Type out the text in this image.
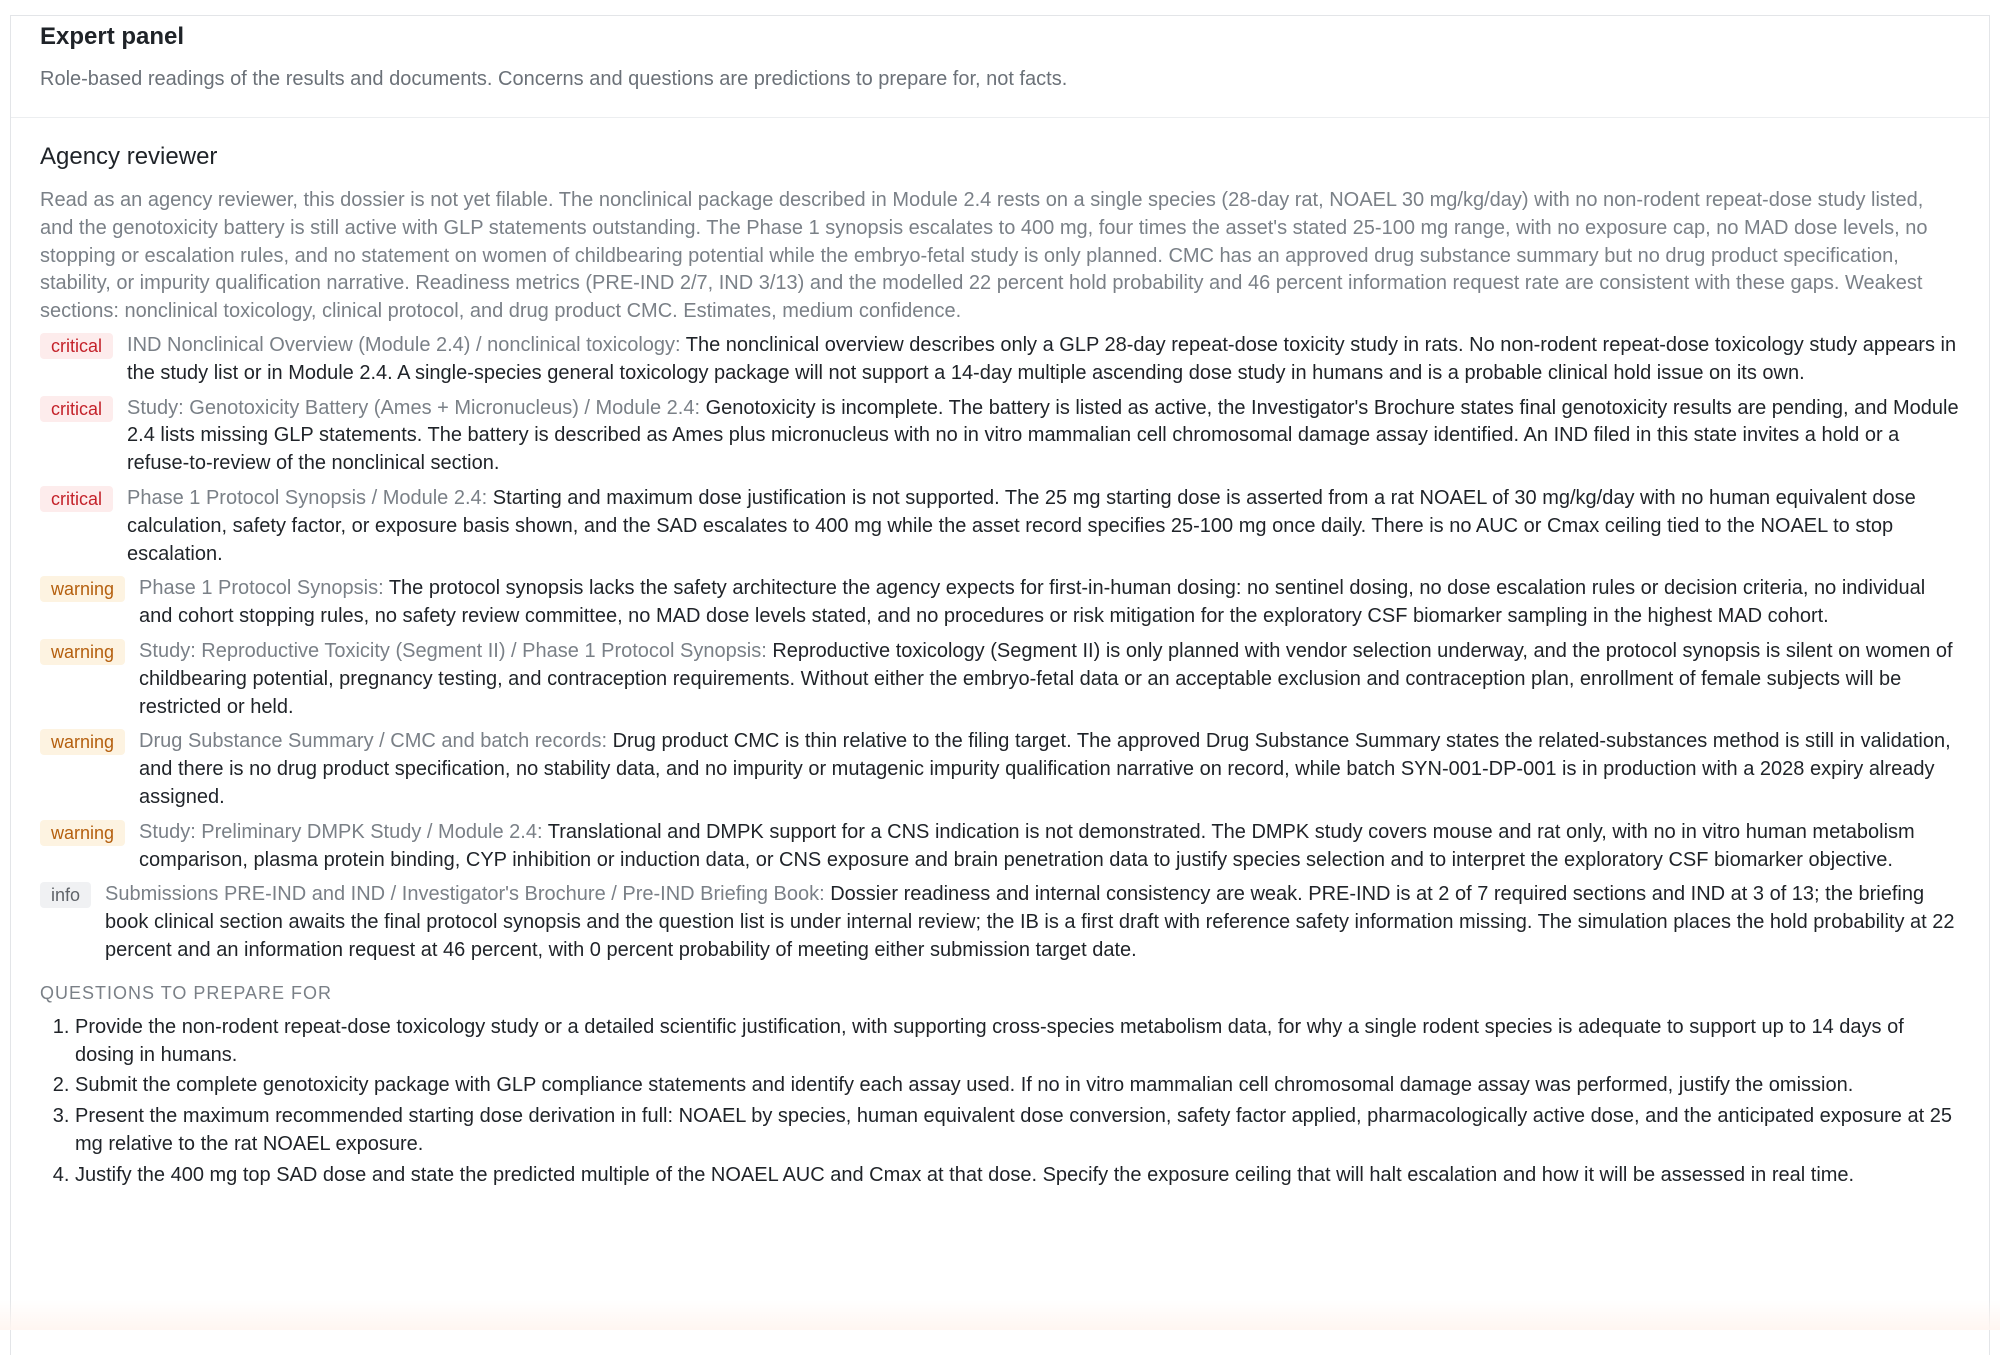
Expert panel

Role-based readings of the results and documents. Concerns and questions are predictions to prepare for, not facts.

Agency reviewer

Read as an agency reviewer, this dossier is not yet filable. The nonclinical package described in Module 2.4 rests on a single species (28-day rat, NOAEL 30 mg/kg/day) with no non-rodent repeat-dose study listed, and the genotoxicity battery is still active with GLP statements outstanding. The Phase 1 synopsis escalates to 400 mg, four times the asset's stated 25-100 mg range, with no exposure cap, no MAD dose levels, no stopping or escalation rules, and no statement on women of childbearing potential while the embryo-fetal study is only planned. CMC has an approved drug substance summary but no drug product specification, stability, or impurity qualification narrative. Readiness metrics (PRE-IND 2/7, IND 3/13) and the modelled 22 percent hold probability and 46 percent information request rate are consistent with these gaps. Weakest sections: nonclinical toxicology, clinical protocol, and drug product CMC. Estimates, medium confidence.

critical	IND Nonclinical Overview (Module 2.4) / nonclinical toxicology: The nonclinical overview describes only a GLP 28-day repeat-dose toxicity study in rats. No non-rodent repeat-dose toxicology study appears in the study list or in Module 2.4. A single-species general toxicology package will not support a 14-day multiple ascending dose study in humans and is a probable clinical hold issue on its own.
critical	Study: Genotoxicity Battery (Ames + Micronucleus) / Module 2.4: Genotoxicity is incomplete. The battery is listed as active, the Investigator's Brochure states final genotoxicity results are pending, and Module 2.4 lists missing GLP statements. The battery is described as Ames plus micronucleus with no in vitro mammalian cell chromosomal damage assay identified. An IND filed in this state invites a hold or a refuse-to-review of the nonclinical section.
critical	Phase 1 Protocol Synopsis / Module 2.4: Starting and maximum dose justification is not supported. The 25 mg starting dose is asserted from a rat NOAEL of 30 mg/kg/day with no human equivalent dose calculation, safety factor, or exposure basis shown, and the SAD escalates to 400 mg while the asset record specifies 25-100 mg once daily. There is no AUC or Cmax ceiling tied to the NOAEL to stop escalation.
warning	Phase 1 Protocol Synopsis: The protocol synopsis lacks the safety architecture the agency expects for first-in-human dosing: no sentinel dosing, no dose escalation rules or decision criteria, no individual and cohort stopping rules, no safety review committee, no MAD dose levels stated, and no procedures or risk mitigation for the exploratory CSF biomarker sampling in the highest MAD cohort.
warning	Study: Reproductive Toxicity (Segment II) / Phase 1 Protocol Synopsis: Reproductive toxicology (Segment II) is only planned with vendor selection underway, and the protocol synopsis is silent on women of childbearing potential, pregnancy testing, and contraception requirements. Without either the embryo-fetal data or an acceptable exclusion and contraception plan, enrollment of female subjects will be restricted or held.
warning	Drug Substance Summary / CMC and batch records: Drug product CMC is thin relative to the filing target. The approved Drug Substance Summary states the related-substances method is still in validation, and there is no drug product specification, no stability data, and no impurity or mutagenic impurity qualification narrative on record, while batch SYN-001-DP-001 is in production with a 2028 expiry already assigned.
warning	Study: Preliminary DMPK Study / Module 2.4: Translational and DMPK support for a CNS indication is not demonstrated. The DMPK study covers mouse and rat only, with no in vitro human metabolism comparison, plasma protein binding, CYP inhibition or induction data, or CNS exposure and brain penetration data to justify species selection and to interpret the exploratory CSF biomarker objective.
info	Submissions PRE-IND and IND / Investigator's Brochure / Pre-IND Briefing Book: Dossier readiness and internal consistency are weak. PRE-IND is at 2 of 7 required sections and IND at 3 of 13; the briefing book clinical section awaits the final protocol synopsis and the question list is under internal review; the IB is a first draft with reference safety information missing. The simulation places the hold probability at 22 percent and an information request at 46 percent, with 0 percent probability of meeting either submission target date.
QUESTIONS TO PREPARE FOR
1. Provide the non-rodent repeat-dose toxicology study or a detailed scientific justification, with supporting cross-species metabolism data, for why a single rodent species is adequate to support up to 14 days of dosing in humans.
2. Submit the complete genotoxicity package with GLP compliance statements and identify each assay used. If no in vitro mammalian cell chromosomal damage assay was performed, justify the omission.
3. Present the maximum recommended starting dose derivation in full: NOAEL by species, human equivalent dose conversion, safety factor applied, pharmacologically active dose, and the anticipated exposure at 25 mg relative to the rat NOAEL exposure.
4. Justify the 400 mg top SAD dose and state the predicted multiple of the NOAEL AUC and Cmax at that dose. Specify the exposure ceiling that will halt escalation and how it will be assessed in real time.
